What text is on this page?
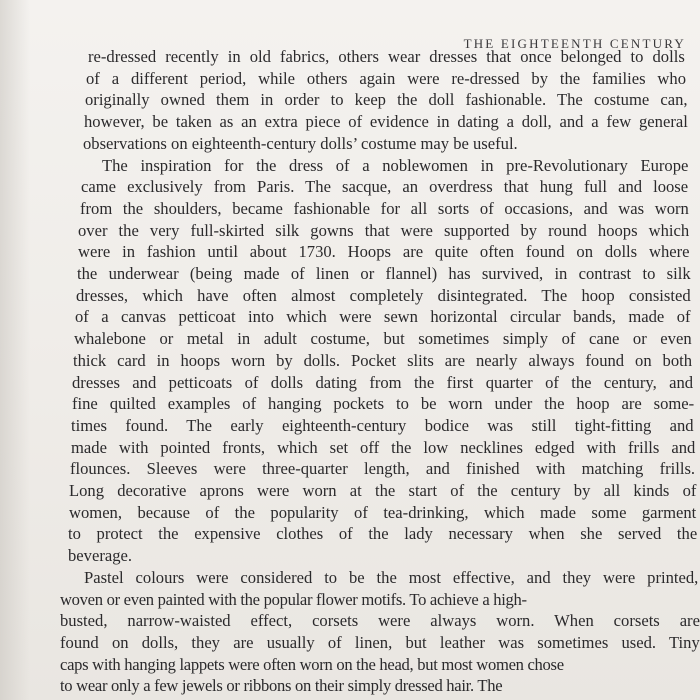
THE EIGHTEENTH CENTURY
re-dressed recently in old fabrics, others wear dresses that once belonged to dolls
of a different period, while others again were re-dressed by the families who
originally owned them in order to keep the doll fashionable. The costume can,
however, be taken as an extra piece of evidence in dating a doll, and a few general
observations on eighteenth-century dolls’ costume may be useful.
The inspiration for the dress of a noblewomen in pre-Revolutionary Europe
came exclusively from Paris. The sacque, an overdress that hung full and loose
from the shoulders, became fashionable for all sorts of occasions, and was worn
over the very full-skirted silk gowns that were supported by round hoops which
were in fashion until about 1730. Hoops are quite often found on dolls where
the underwear (being made of linen or flannel) has survived, in contrast to silk
dresses, which have often almost completely disintegrated. The hoop consisted
of a canvas petticoat into which were sewn horizontal circular bands, made of
whalebone or metal in adult costume, but sometimes simply of cane or even
thick card in hoops worn by dolls. Pocket slits are nearly always found on both
dresses and petticoats of dolls dating from the first quarter of the century, and
fine quilted examples of hanging pockets to be worn under the hoop are some-
times found. The early eighteenth-century bodice was still tight-fitting and
made with pointed fronts, which set off the low necklines edged with frills and
flounces. Sleeves were three-quarter length, and finished with matching frills.
Long decorative aprons were worn at the start of the century by all kinds of
women, because of the popularity of tea-drinking, which made some garment
to protect the expensive clothes of the lady necessary when she served the
beverage.
Pastel colours were considered to be the most effective, and they were printed,
woven or even painted with the popular flower motifs. To achieve a high-
busted, narrow-waisted effect, corsets were always worn. When corsets are
found on dolls, they are usually of linen, but leather was sometimes used. Tiny
caps with hanging lappets were often worn on the head, but most women chose
to wear only a few jewels or ribbons on their simply dressed hair. The
